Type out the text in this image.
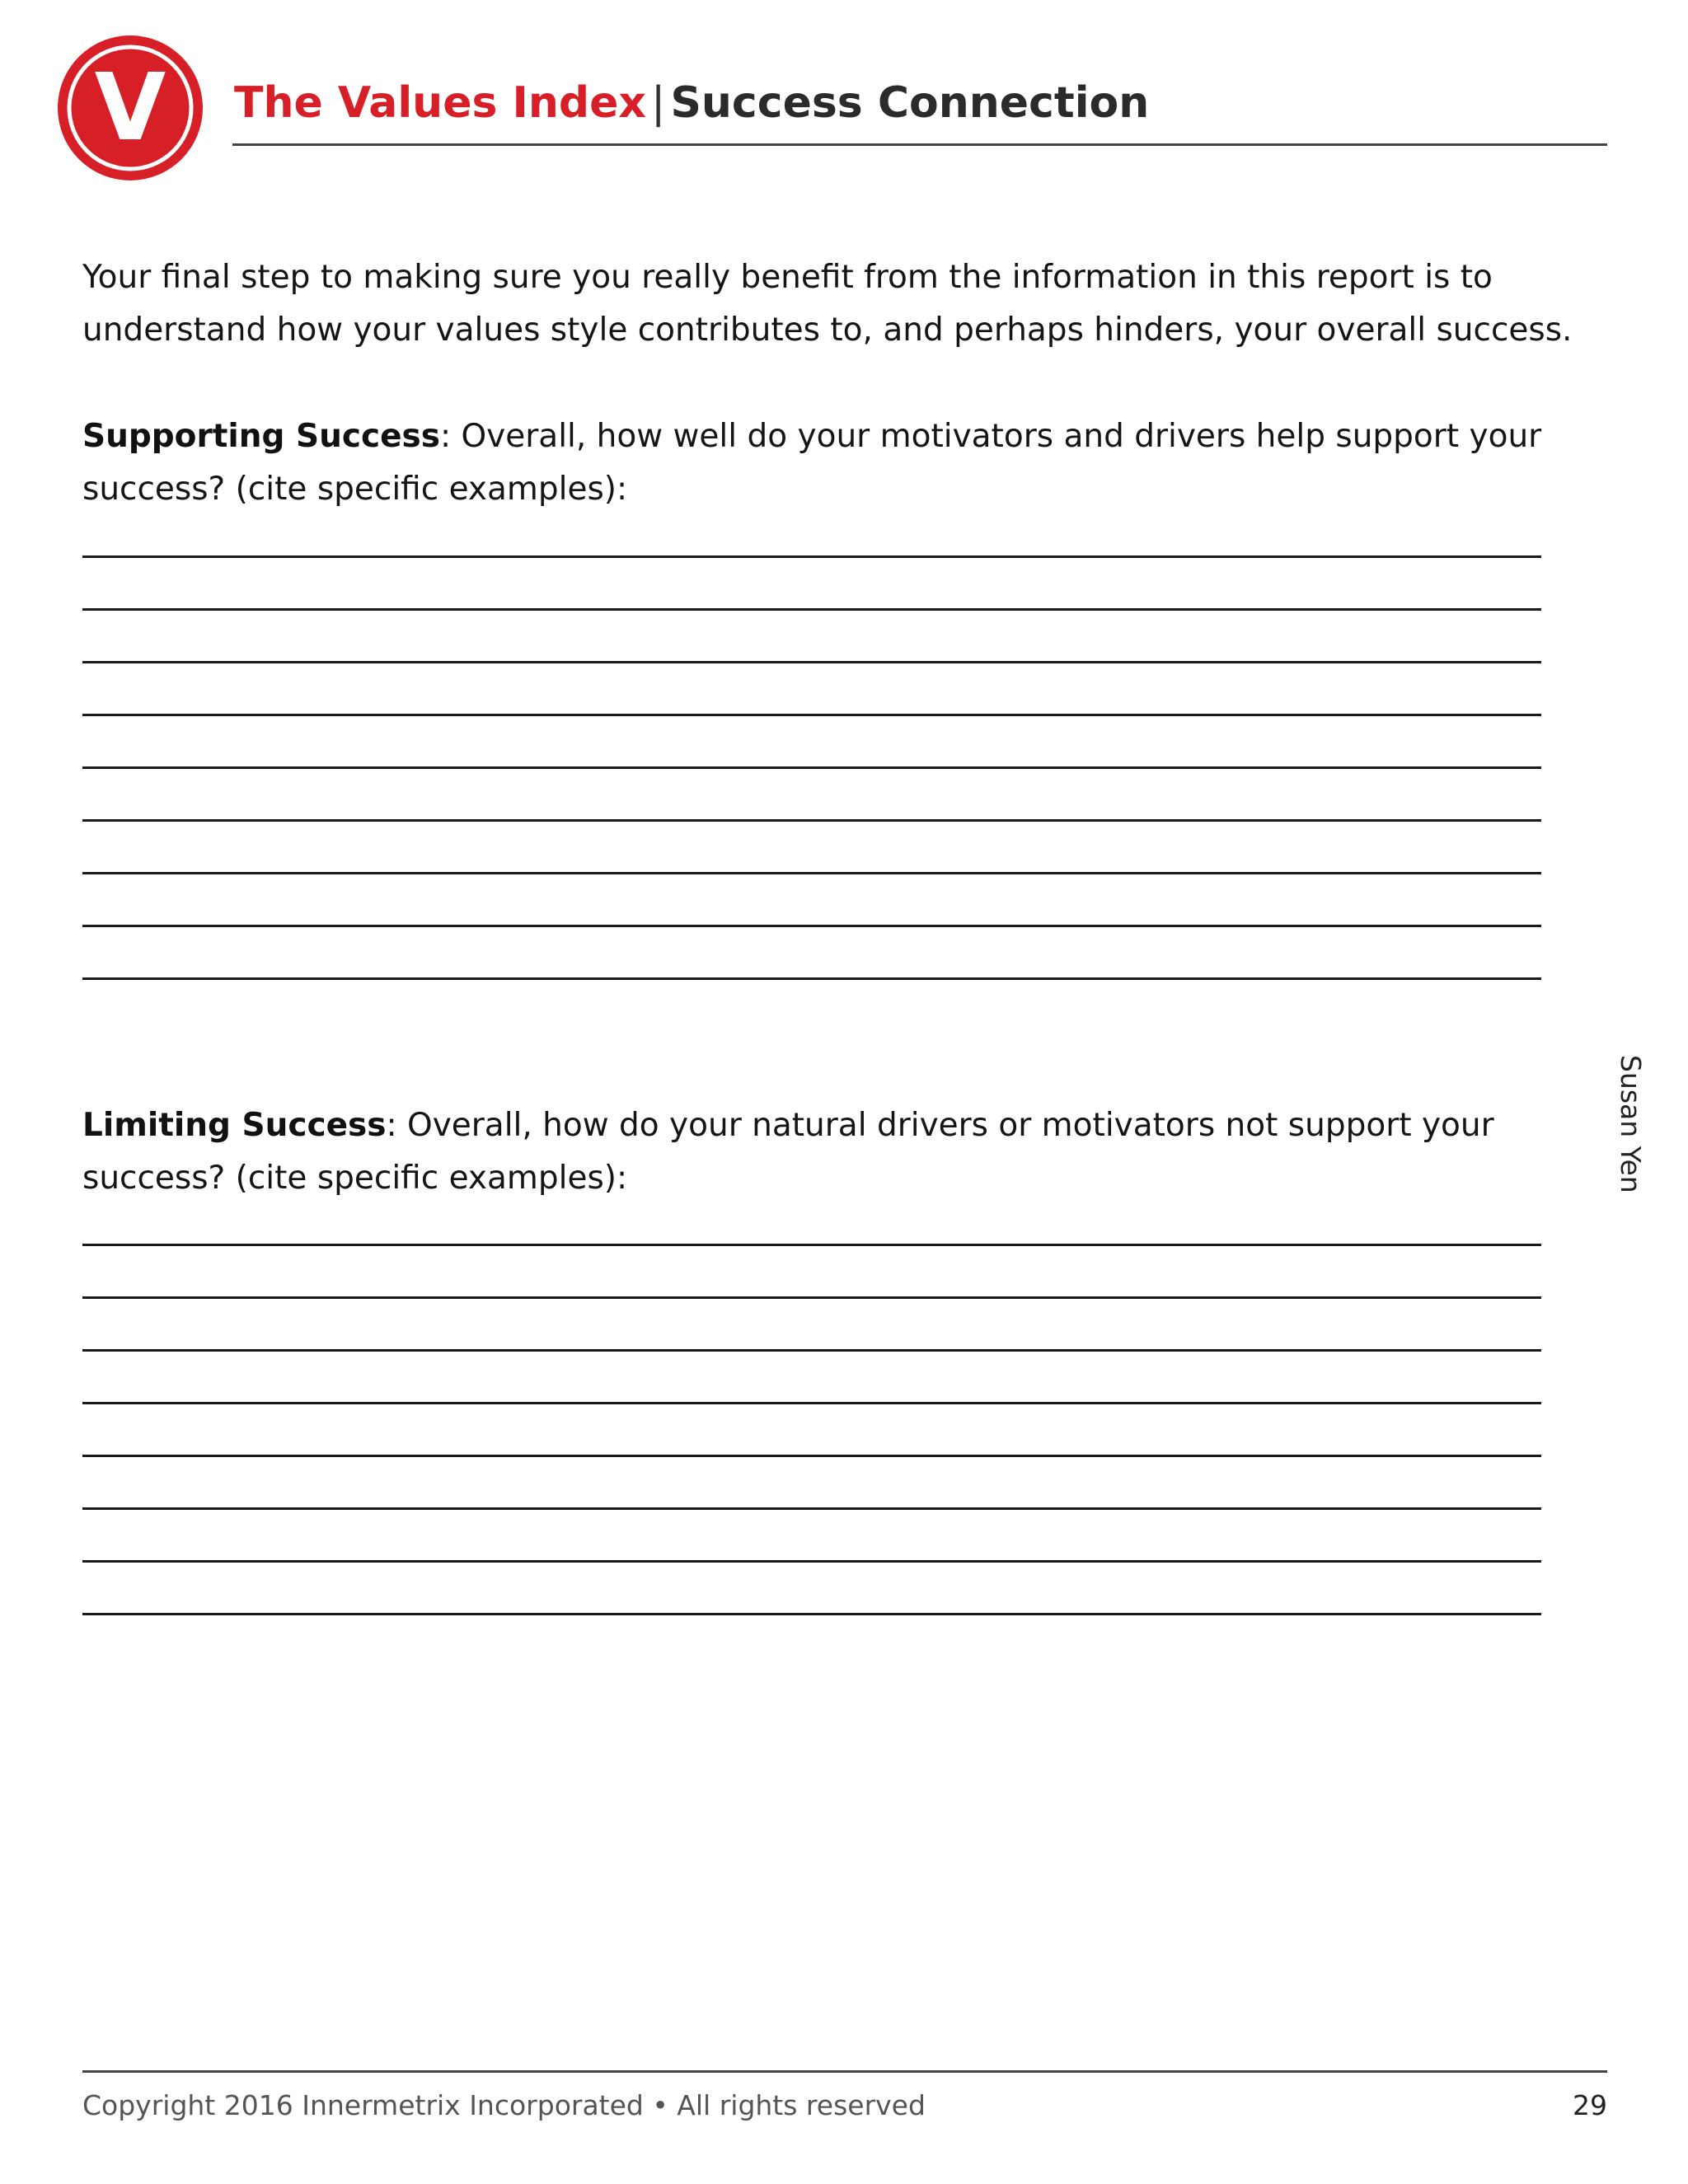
V The Values Index | Success Connection
Your final step to making sure you really benefit from the information in this report is to understand how your values style contributes to, and perhaps hinders, your overall success.
Supporting Success: Overall, how well do your motivators and drivers help support your success? (cite specific examples):
Limiting Success: Overall, how do your natural drivers or motivators not support your success? (cite specific examples):	Susan Yen
Copyright 2016 Innermetrix Incorporated • All rights reserved	29
